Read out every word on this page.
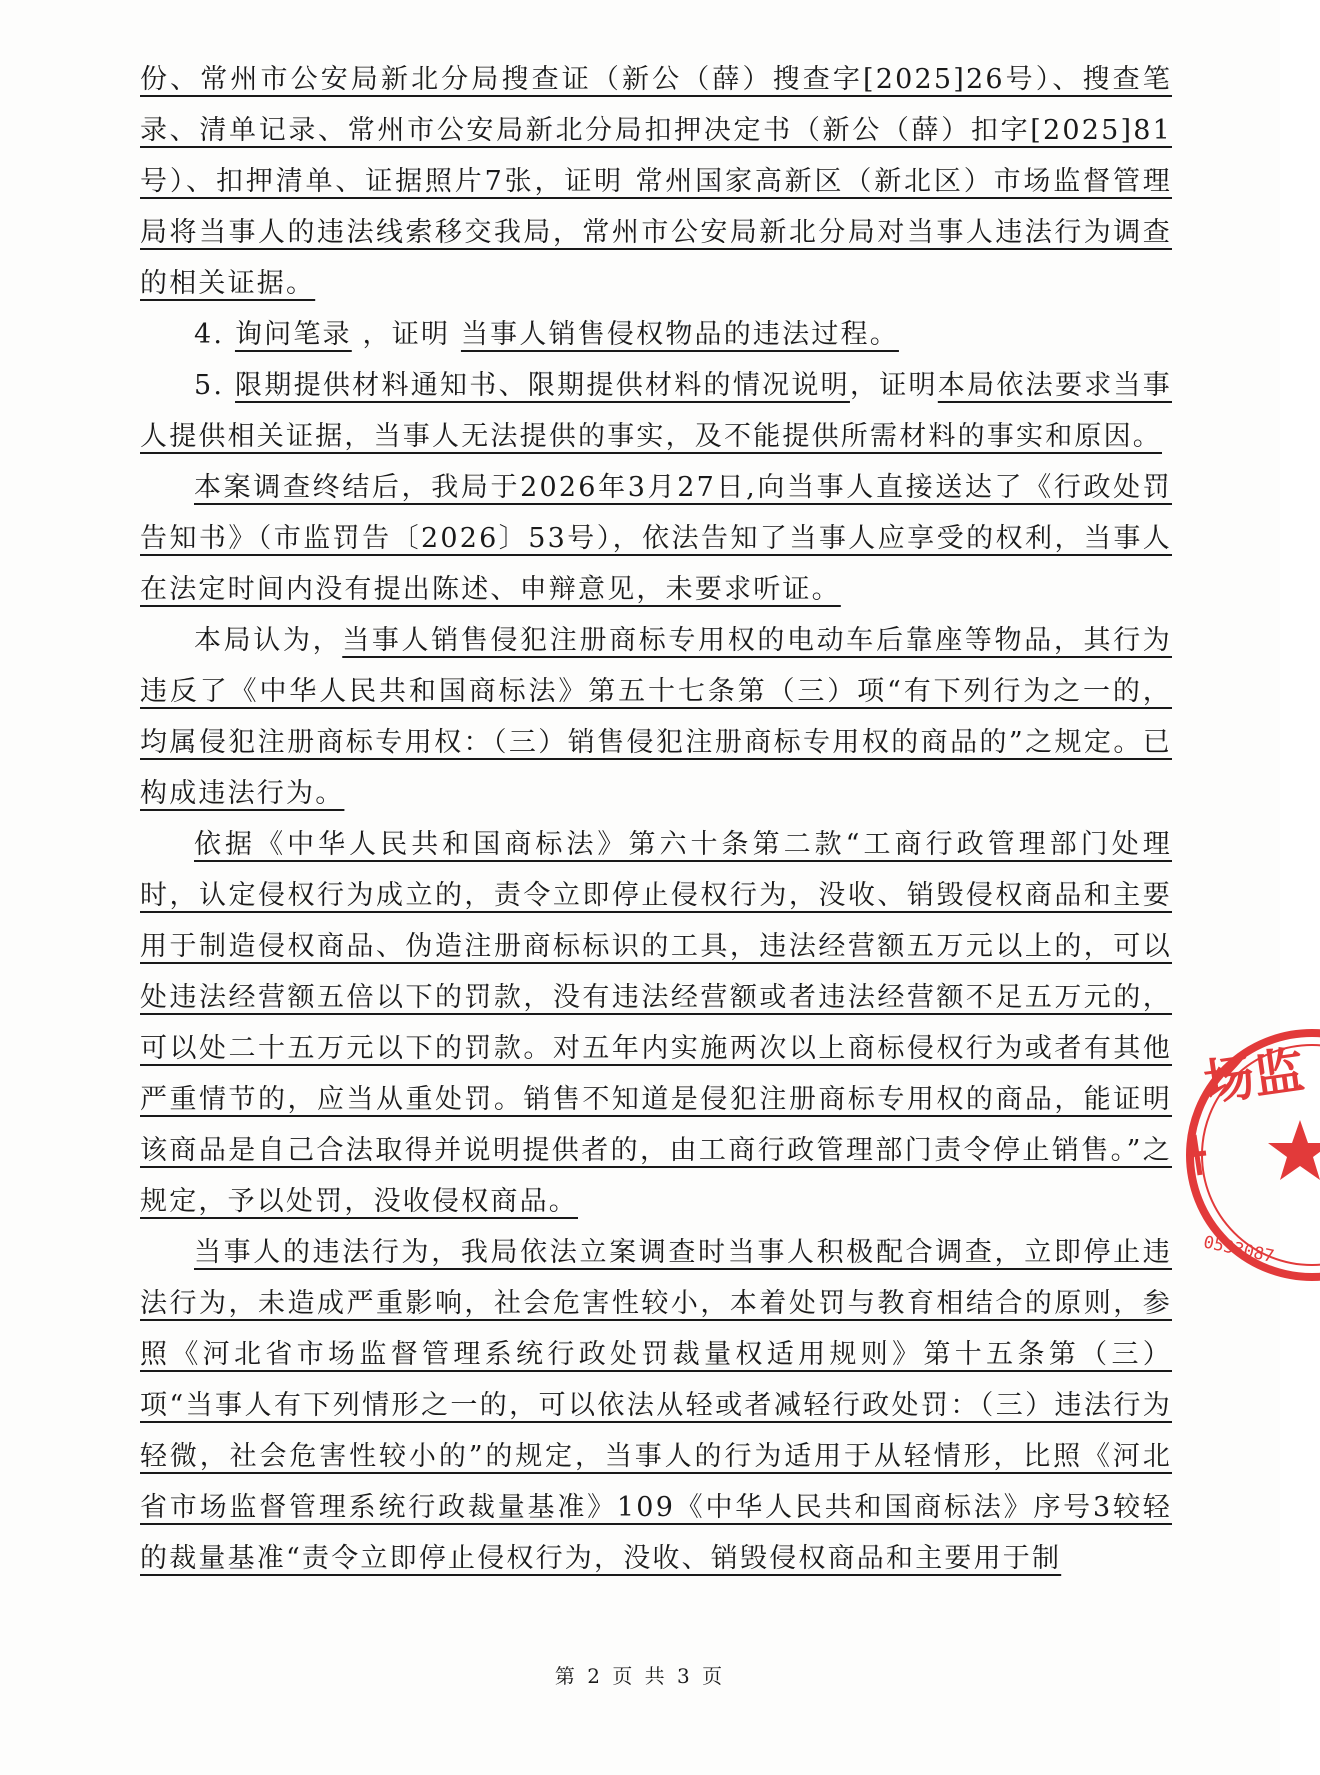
份、常州市公安局新北分局搜查证（新公（薛）搜查字[2025]26号）、搜查笔录、清单记录、常州市公安局新北分局扣押决定书（新公（薛）扣字[2025]81号）、扣押清单、证据照片7张，证明 常州国家高新区（新北区）市场监督管理局将当事人的违法线索移交我局，常州市公安局新北分局对当事人违法行为调查的相关证据。

4. 询问笔录 ，证明 当事人销售侵权物品的违法过程。

5. 限期提供材料通知书、限期提供材料的情况说明，证明本局依法要求当事人提供相关证据，当事人无法提供的事实，及不能提供所需材料的事实和原因。

本案调查终结后，我局于2026年3月27日,向当事人直接送达了《行政处罚告知书》（市监罚告〔2026〕53号），依法告知了当事人应享受的权利，当事人在法定时间内没有提出陈述、申辩意见，未要求听证。

本局认为，当事人销售侵犯注册商标专用权的电动车后靠座等物品，其行为违反了《中华人民共和国商标法》第五十七条第（三）项“有下列行为之一的，均属侵犯注册商标专用权：（三）销售侵犯注册商标专用权的商品的”之规定。已构成违法行为。

依据《中华人民共和国商标法》第六十条第二款“工商行政管理部门处理时，认定侵权行为成立的，责令立即停止侵权行为，没收、销毁侵权商品和主要用于制造侵权商品、伪造注册商标标识的工具，违法经营额五万元以上的，可以处违法经营额五倍以下的罚款，没有违法经营额或者违法经营额不足五万元的，可以处二十五万元以下的罚款。对五年内实施两次以上商标侵权行为或者有其他严重情节的，应当从重处罚。销售不知道是侵犯注册商标专用权的商品，能证明该商品是自己合法取得并说明提供者的，由工商行政管理部门责令停止销售。”之规定，予以处罚，没收侵权商品。

当事人的违法行为，我局依法立案调查时当事人积极配合调查，立即停止违法行为，未造成严重影响，社会危害性较小，本着处罚与教育相结合的原则，参照《河北省市场监督管理系统行政处罚裁量权适用规则》第十五条第（三）项“当事人有下列情形之一的，可以依法从轻或者减轻行政处罚：（三）违法行为轻微，社会危害性较小的”的规定，当事人的行为适用于从轻情形，比照《河北省市场监督管理系统行政裁量基准》109《中华人民共和国商标法》序号3较轻的裁量基准“责令立即停止侵权行为，没收、销毁侵权商品和主要用于制

第 2 页 共 3 页
场监
0533087
